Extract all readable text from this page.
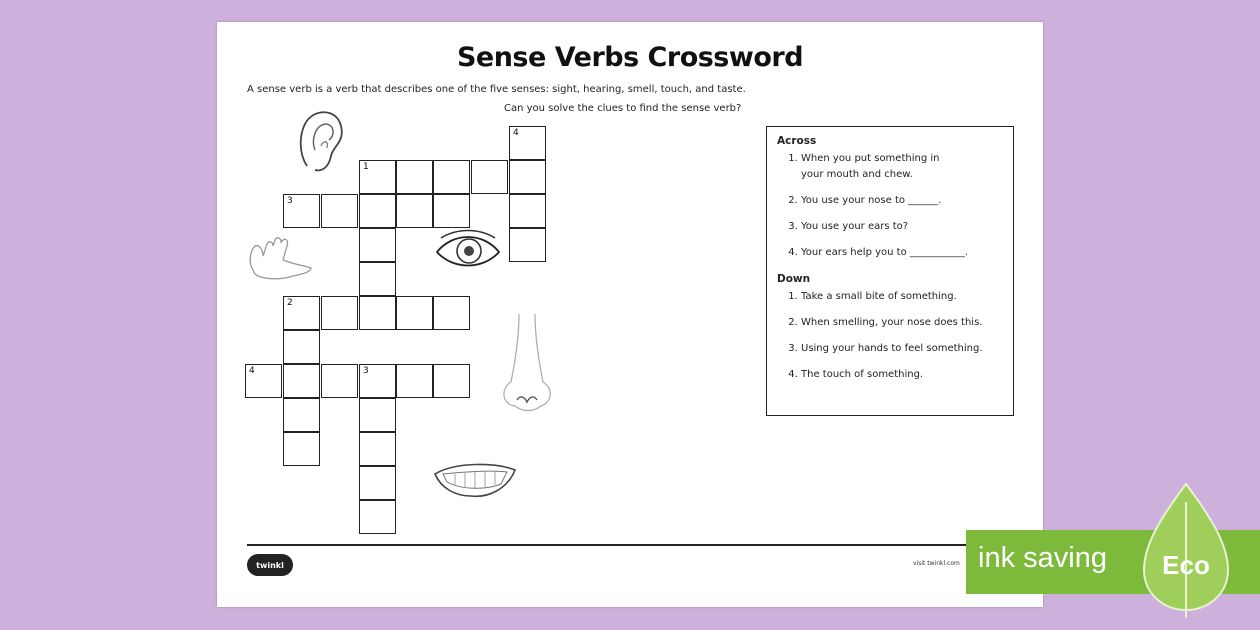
Sense Verbs Crossword
A sense verb is a verb that describes one of the five senses: sight, hearing, smell, touch, and taste.
Can you solve the clues to find the sense verb?
4
1
3
2
4	3
Across
1. When you put something in
your mouth and chew.
2. You use your nose to ______.
3. You use your ears to?
4. Your ears help you to ___________.
Down
1. Take a small bite of something.
2. When smelling, your nose does this.
3. Using your hands to feel something.
4. The touch of something.
twinkl	visit twinkl.com ink saving Eco
